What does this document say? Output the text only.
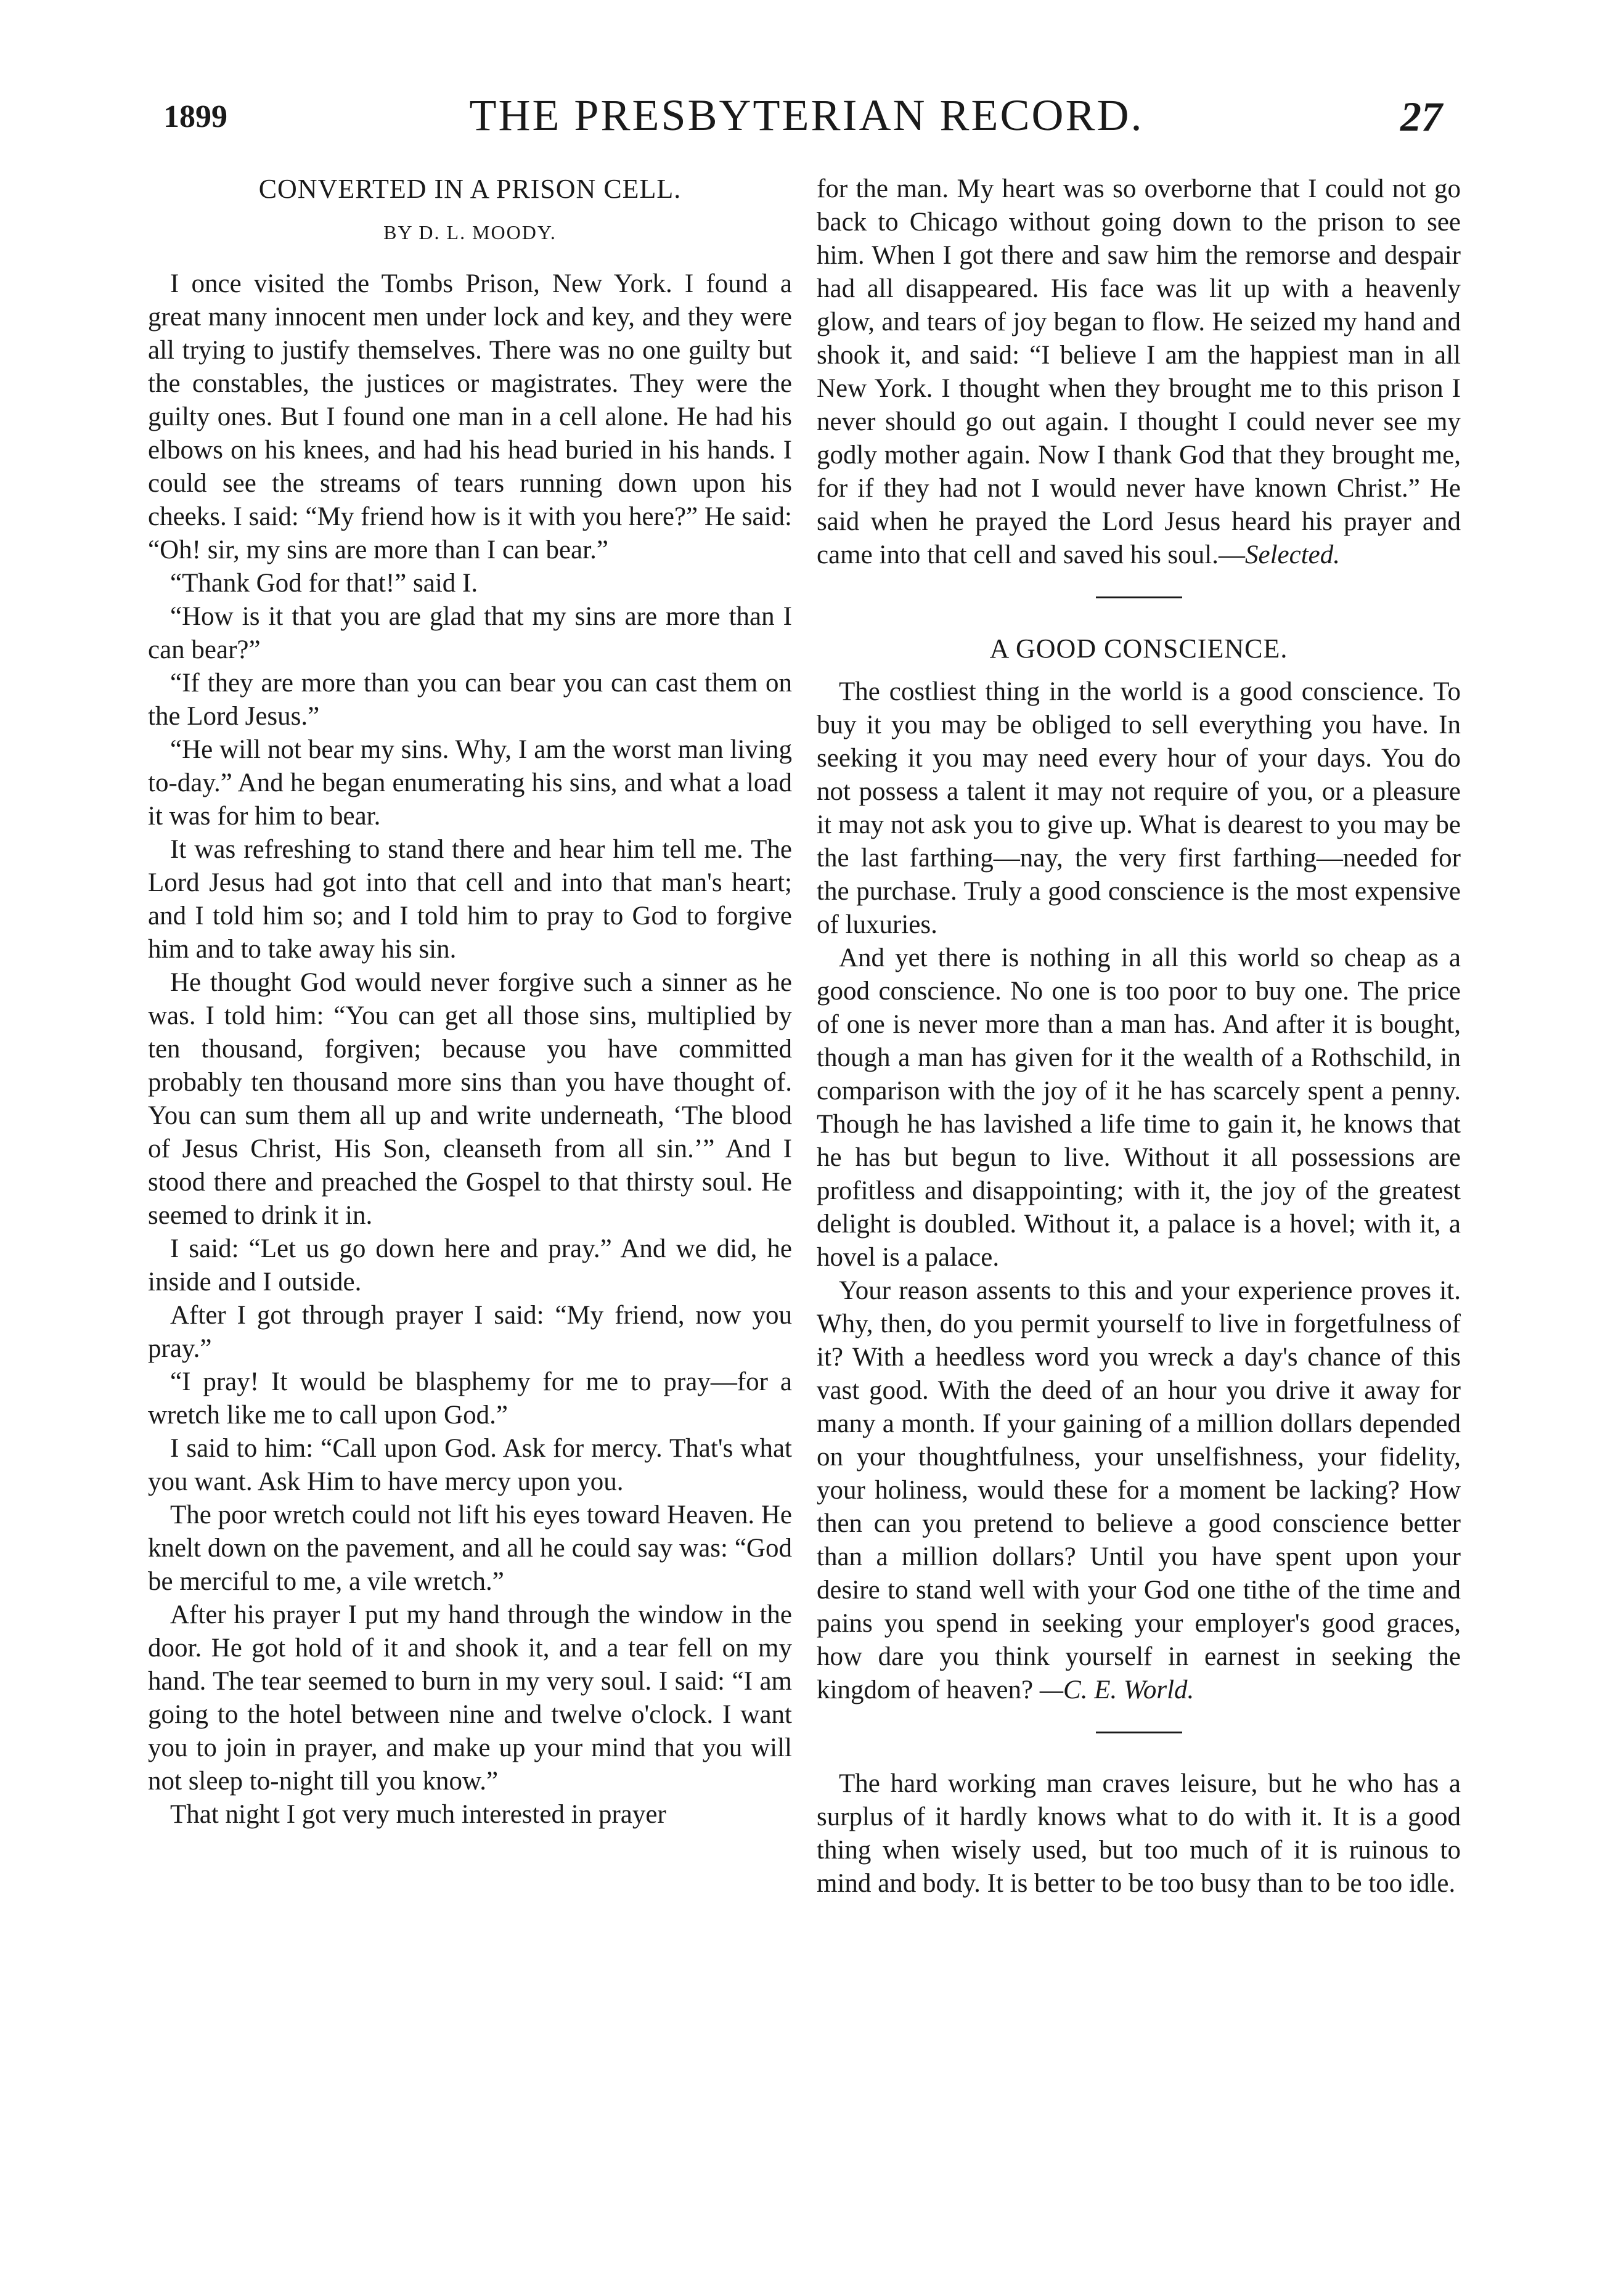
1899	THE PRESBYTERIAN RECORD.	27
CONVERTED IN A PRISON CELL.
BY D. L. MOODY.

I once visited the Tombs Prison, New York. I found a great many innocent men under lock and key, and they were all trying to justify themselves. There was no one guilty but the constables, the justices or magistrates. They were the guilty ones. But I found one man in a cell alone. He had his elbows on his knees, and had his head buried in his hands. I could see the streams of tears running down upon his cheeks. I said: “My friend how is it with you here?” He said: “Oh! sir, my sins are more than I can bear.”

“Thank God for that!” said I.

“How is it that you are glad that my sins are more than I can bear?”

“If they are more than you can bear you can cast them on the Lord Jesus.”

“He will not bear my sins. Why, I am the worst man living to-day.” And he began enumerating his sins, and what a load it was for him to bear.

It was refreshing to stand there and hear him tell me. The Lord Jesus had got into that cell and into that man's heart; and I told him so; and I told him to pray to God to forgive him and to take away his sin.

He thought God would never forgive such a sinner as he was. I told him: “You can get all those sins, multiplied by ten thousand, forgiven; because you have committed probably ten thousand more sins than you have thought of. You can sum them all up and write underneath, ‘The blood of Jesus Christ, His Son, cleanseth from all sin.’” And I stood there and preached the Gospel to that thirsty soul. He seemed to drink it in.

I said: “Let us go down here and pray.” And we did, he inside and I outside.

After I got through prayer I said: “My friend, now you pray.”

“I pray! It would be blasphemy for me to pray—for a wretch like me to call upon God.”

I said to him: “Call upon God. Ask for mercy. That's what you want. Ask Him to have mercy upon you.

The poor wretch could not lift his eyes toward Heaven. He knelt down on the pavement, and all he could say was: “God be merciful to me, a vile wretch.”

After his prayer I put my hand through the window in the door. He got hold of it and shook it, and a tear fell on my hand. The tear seemed to burn in my very soul. I said: “I am going to the hotel between nine and twelve o'clock. I want you to join in prayer, and make up your mind that you will not sleep to-night till you know.”

That night I got very much interested in prayer

for the man. My heart was so overborne that I could not go back to Chicago without going down to the prison to see him. When I got there and saw him the remorse and despair had all disappeared. His face was lit up with a heavenly glow, and tears of joy began to flow. He seized my hand and shook it, and said: “I believe I am the happiest man in all New York. I thought when they brought me to this prison I never should go out again. I thought I could never see my godly mother again. Now I thank God that they brought me, for if they had not I would never have known Christ.” He said when he prayed the Lord Jesus heard his prayer and came into that cell and saved his soul.—Selected.

A GOOD CONSCIENCE.

The costliest thing in the world is a good conscience. To buy it you may be obliged to sell everything you have. In seeking it you may need every hour of your days. You do not possess a talent it may not require of you, or a pleasure it may not ask you to give up. What is dearest to you may be the last farthing—nay, the very first farthing—needed for the purchase. Truly a good conscience is the most expensive of luxuries.

And yet there is nothing in all this world so cheap as a good conscience. No one is too poor to buy one. The price of one is never more than a man has. And after it is bought, though a man has given for it the wealth of a Rothschild, in comparison with the joy of it he has scarcely spent a penny. Though he has lavished a life time to gain it, he knows that he has but begun to live. Without it all possessions are profitless and disappointing; with it, the joy of the greatest delight is doubled. Without it, a palace is a hovel; with it, a hovel is a palace.

Your reason assents to this and your experience proves it. Why, then, do you permit yourself to live in forgetfulness of it? With a heedless word you wreck a day's chance of this vast good. With the deed of an hour you drive it away for many a month. If your gaining of a million dollars depended on your thoughtfulness, your unselfishness, your fidelity, your holiness, would these for a moment be lacking? How then can you pretend to believe a good conscience better than a million dollars? Until you have spent upon your desire to stand well with your God one tithe of the time and pains you spend in seeking your employer's good graces, how dare you think yourself in earnest in seeking the kingdom of heaven? —C. E. World.

The hard working man craves leisure, but he who has a surplus of it hardly knows what to do with it. It is a good thing when wisely used, but too much of it is ruinous to mind and body. It is better to be too busy than to be too idle.
